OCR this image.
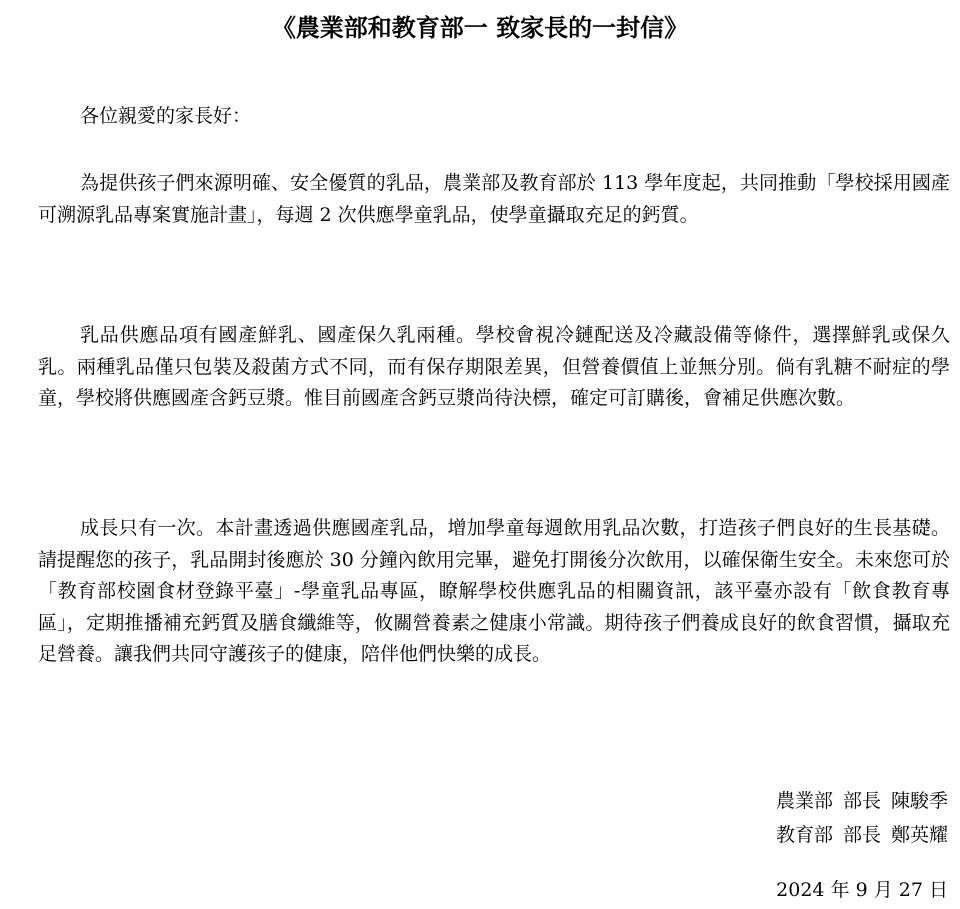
《農業部和教育部一 致家長的一封信》
各位親愛的家長好：

為提供孩子們來源明確、安全優質的乳品，農業部及教育部於 113 學年度起，共同推動「學校採用國產可溯源乳品專案實施計畫」，每週 2 次供應學童乳品，使學童攝取充足的鈣質。

乳品供應品項有國產鮮乳、國產保久乳兩種。學校會視冷鏈配送及冷藏設備等條件，選擇鮮乳或保久乳。兩種乳品僅只包裝及殺菌方式不同，而有保存期限差異，但營養價值上並無分別。倘有乳糖不耐症的學童，學校將供應國產含鈣豆漿。惟目前國產含鈣豆漿尚待決標，確定可訂購後，會補足供應次數。

成長只有一次。本計畫透過供應國產乳品，增加學童每週飲用乳品次數，打造孩子們良好的生長基礎。請提醒您的孩子，乳品開封後應於 30 分鐘內飲用完畢，避免打開後分次飲用，以確保衛生安全。未來您可於「教育部校園食材登錄平臺」-學童乳品專區，瞭解學校供應乳品的相關資訊，該平臺亦設有「飲食教育專區」，定期推播補充鈣質及膳食纖維等，攸關營養素之健康小常識。期待孩子們養成良好的飲食習慣，攝取充足營養。讓我們共同守護孩子的健康，陪伴他們快樂的成長。

農業部 部長 陳駿季
教育部 部長 鄭英耀
2024 年 9 月 27 日
